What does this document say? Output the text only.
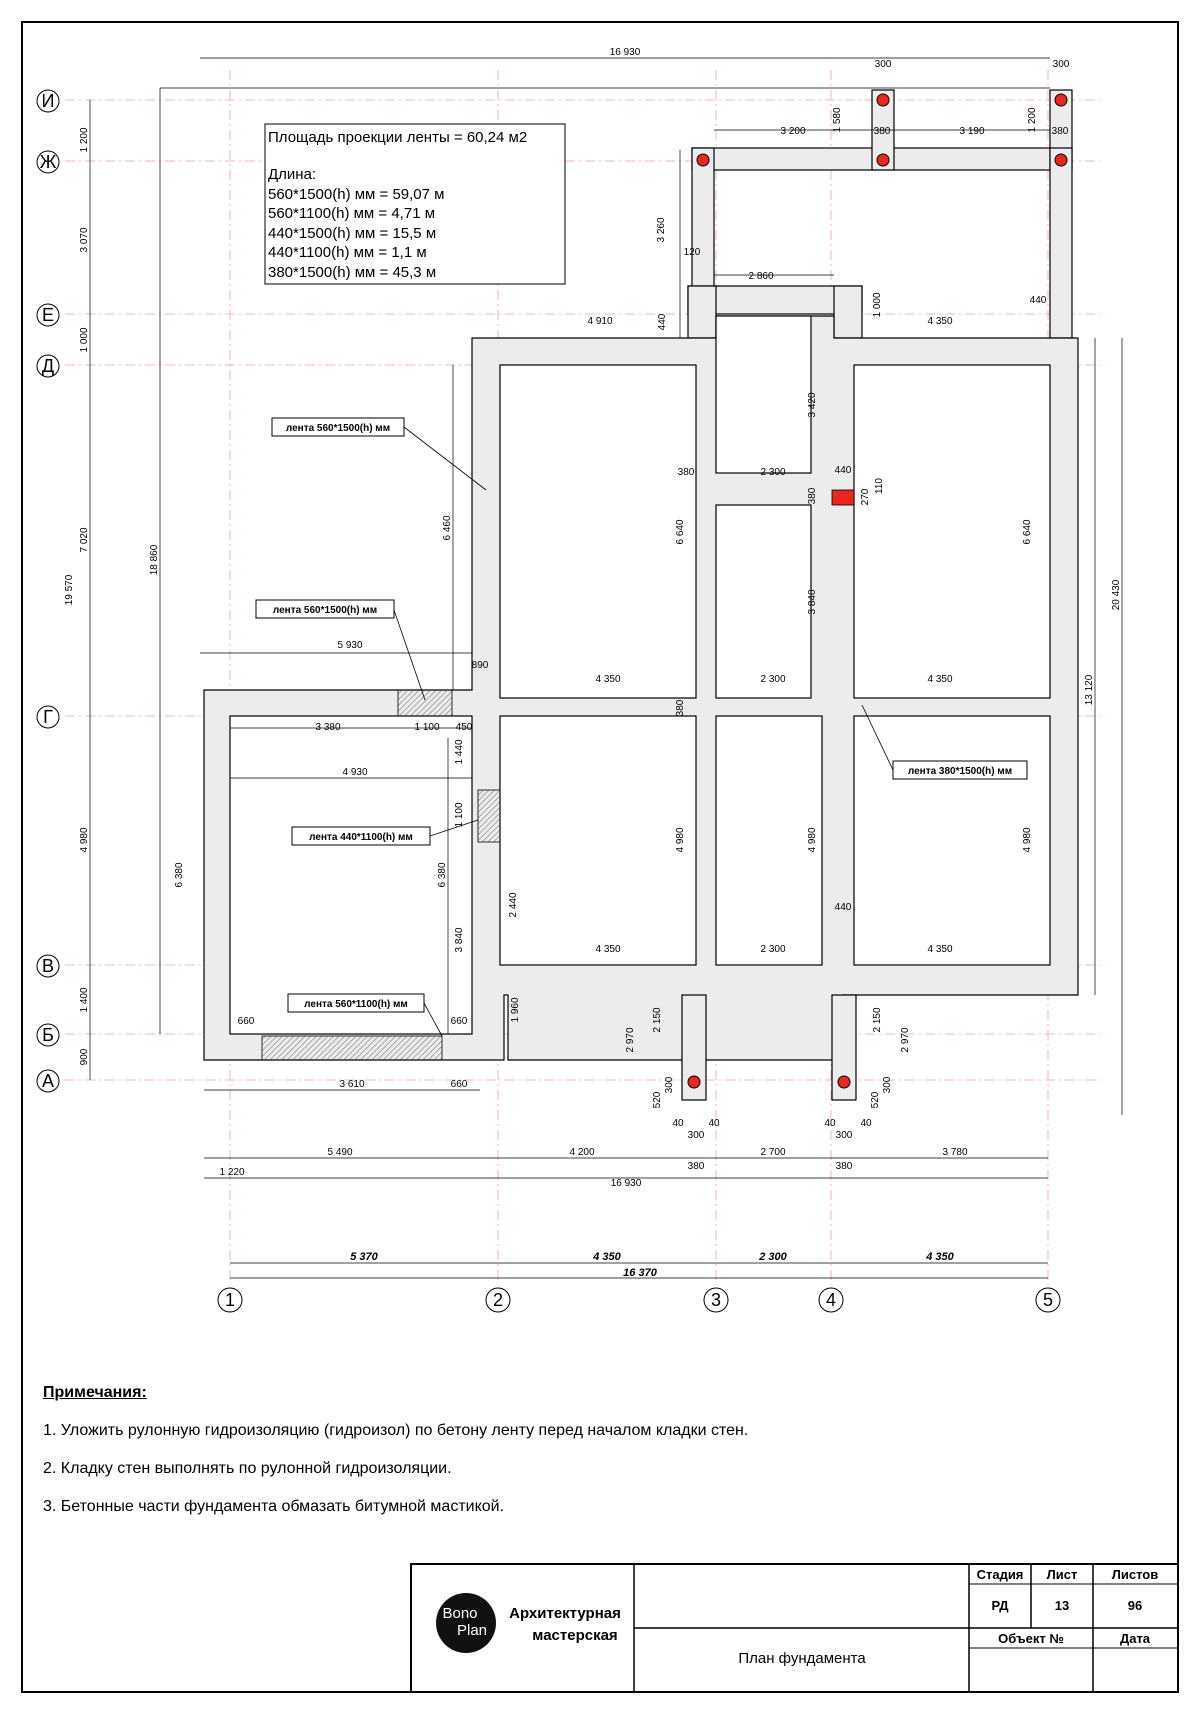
И
Ж
Е
Д
Г
В
Б
А
1	2	3	4	5
16 930
16 930
1 220
3 610	660
5 490	4 200	2 700	3 780
5 370	4 350	2 300	4 350
16 370
1 200
3 070
1 000
7 020
4 980
1 400
900
19 570
18 860
20 430
13 120
3 200	3 190
380	380
300	300
2 860
4 910	4 350
3 260
120
440
1 000	440
1 580	1 200
3 420
380	2 300	440
380	270
110
6 640	6 640
6 460
3 840
5 930
890
4 350	2 300	4 350
380
3 380	1 100 450
4 930
1 440
1 100
6 380	6 380
4 980	4 980	4 980
440
2 440
3 840	4 350	2 300	4 350
660	660	1 960
2 970
2 150
300
520
40 40
2 150
2 970
300
520
40 40
300
380
300
380
Площадь проекции ленты = 60,24 м2
Длина:
560*1500(h) мм = 59,07 м
560*1100(h) мм = 4,71 м
440*1500(h) мм = 15,5 м
440*1100(h) мм = 1,1 м
380*1500(h) мм = 45,3 м
лента 560*1500(h) мм
лента 560*1500(h) мм
лента 440*1100(h) мм
лента 560*1100(h) мм
лента 380*1500(h) мм
Bono
Plan
Архитектурная
мастерская
План фундамента
Стадия Лист	Листов
РД	13	96
Объект №	Дата
Примечания:
1. Уложить рулонную гидроизоляцию (гидроизол) по бетону ленту перед началом кладки стен.
2. Кладку стен выполнять по рулонной гидроизоляции.
3. Бетонные части фундамента обмазать битумной мастикой.
